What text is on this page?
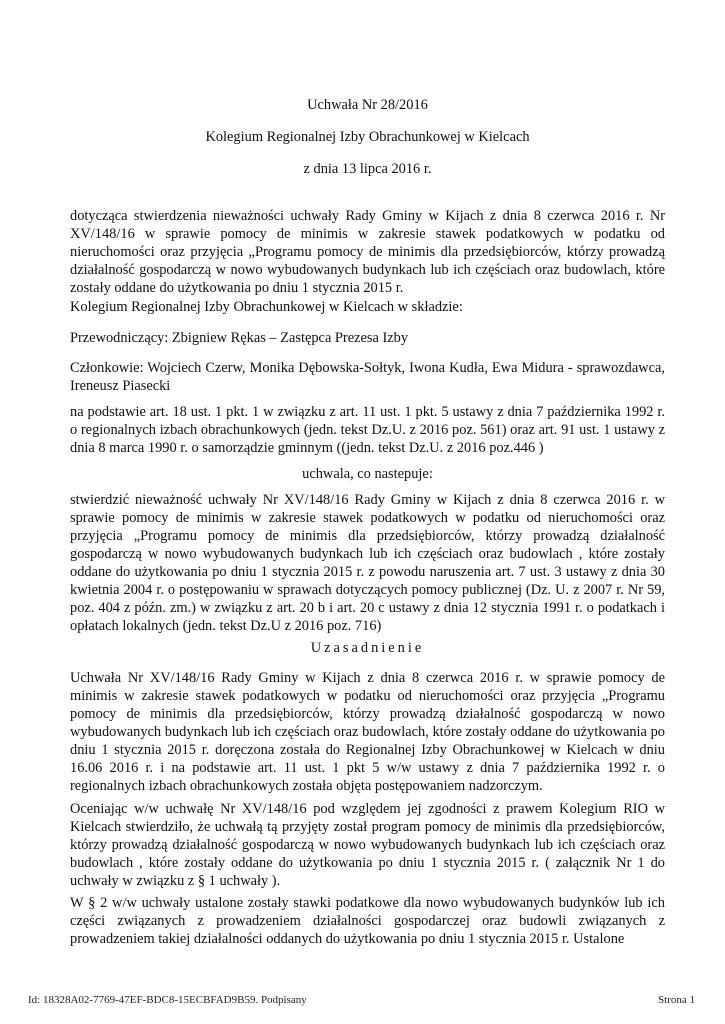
Uchwała Nr 28/2016

Kolegium Regionalnej Izby Obrachunkowej w Kielcach

z dnia 13 lipca 2016 r.

dotycząca stwierdzenia nieważności uchwały Rady Gminy w Kijach z dnia 8 czerwca 2016 r. Nr XV/148/16 w sprawie pomocy de minimis w zakresie stawek podatkowych w podatku od nieruchomości oraz przyjęcia „Programu pomocy de minimis dla przedsiębiorców, którzy prowadzą działalność gospodarczą w nowo wybudowanych budynkach lub ich częściach oraz budowlach, które zostały oddane do użytkowania po dniu 1 stycznia 2015 r.

Kolegium Regionalnej Izby Obrachunkowej w Kielcach w składzie:

Przewodniczący: Zbigniew Rękas – Zastępca Prezesa Izby

Członkowie: Wojciech Czerw, Monika Dębowska-Sołtyk, Iwona Kudła, Ewa Midura - sprawozdawca, Ireneusz Piasecki

na podstawie art. 18 ust. 1 pkt. 1 w związku z art. 11 ust. 1 pkt. 5 ustawy z dnia 7 października 1992 r. o regionalnych izbach obrachunkowych (jedn. tekst Dz.U. z 2016 poz. 561) oraz art. 91 ust. 1 ustawy z dnia 8 marca 1990 r. o samorządzie gminnym ((jedn. tekst Dz.U. z 2016 poz.446 )

uchwala, co nastepuje:

stwierdzić nieważność uchwały Nr XV/148/16 Rady Gminy w Kijach z dnia 8 czerwca 2016 r. w sprawie pomocy de minimis w zakresie stawek podatkowych w podatku od nieruchomości oraz przyjęcia „Programu pomocy de minimis dla przedsiębiorców, którzy prowadzą działalność gospodarczą w nowo wybudowanych budynkach lub ich częściach oraz budowlach , które zostały oddane do użytkowania po dniu 1 stycznia 2015 r. z powodu naruszenia art. 7 ust. 3 ustawy z dnia 30 kwietnia 2004 r. o postępowaniu w sprawach dotyczących pomocy publicznej (Dz. U. z 2007 r. Nr 59, poz. 404 z późn. zm.) w związku z art. 20 b i art. 20 c ustawy z dnia 12 stycznia 1991 r. o podatkach i opłatach lokalnych (jedn. tekst Dz.U z 2016 poz. 716)

Uzasadnienie

Uchwała Nr XV/148/16 Rady Gminy w Kijach z dnia 8 czerwca 2016 r. w sprawie pomocy de minimis w zakresie stawek podatkowych w podatku od nieruchomości oraz przyjęcia „Programu pomocy de minimis dla przedsiębiorców, którzy prowadzą działalność gospodarczą w nowo wybudowanych budynkach lub ich częściach oraz budowlach, które zostały oddane do użytkowania po dniu 1 stycznia 2015 r. doręczona została do Regionalnej Izby Obrachunkowej w Kielcach w dniu 16.06 2016 r. i na podstawie art. 11 ust. 1 pkt 5 w/w ustawy z dnia 7 października 1992 r. o regionalnych izbach obrachunkowych została objęta postępowaniem nadzorczym.

Oceniając w/w uchwałę Nr XV/148/16 pod względem jej zgodności z prawem Kolegium RIO w Kielcach stwierdziło, że uchwałą tą przyjęty został program pomocy de minimis dla przedsiębiorców, którzy prowadzą działalność gospodarczą w nowo wybudowanych budynkach lub ich częściach oraz budowlach , które zostały oddane do użytkowania po dniu 1 stycznia 2015 r. ( załącznik Nr 1 do uchwały w związku z § 1 uchwały ).

W § 2 w/w uchwały ustalone zostały stawki podatkowe dla nowo wybudowanych budynków lub ich części związanych z prowadzeniem działalności gospodarczej oraz budowli związanych z prowadzeniem takiej działalności oddanych do użytkowania po dniu 1 stycznia 2015 r. Ustalone

Id: 18328A02-7769-47EF-BDC8-15ECBFAD9B59. Podpisany	Strona 1
